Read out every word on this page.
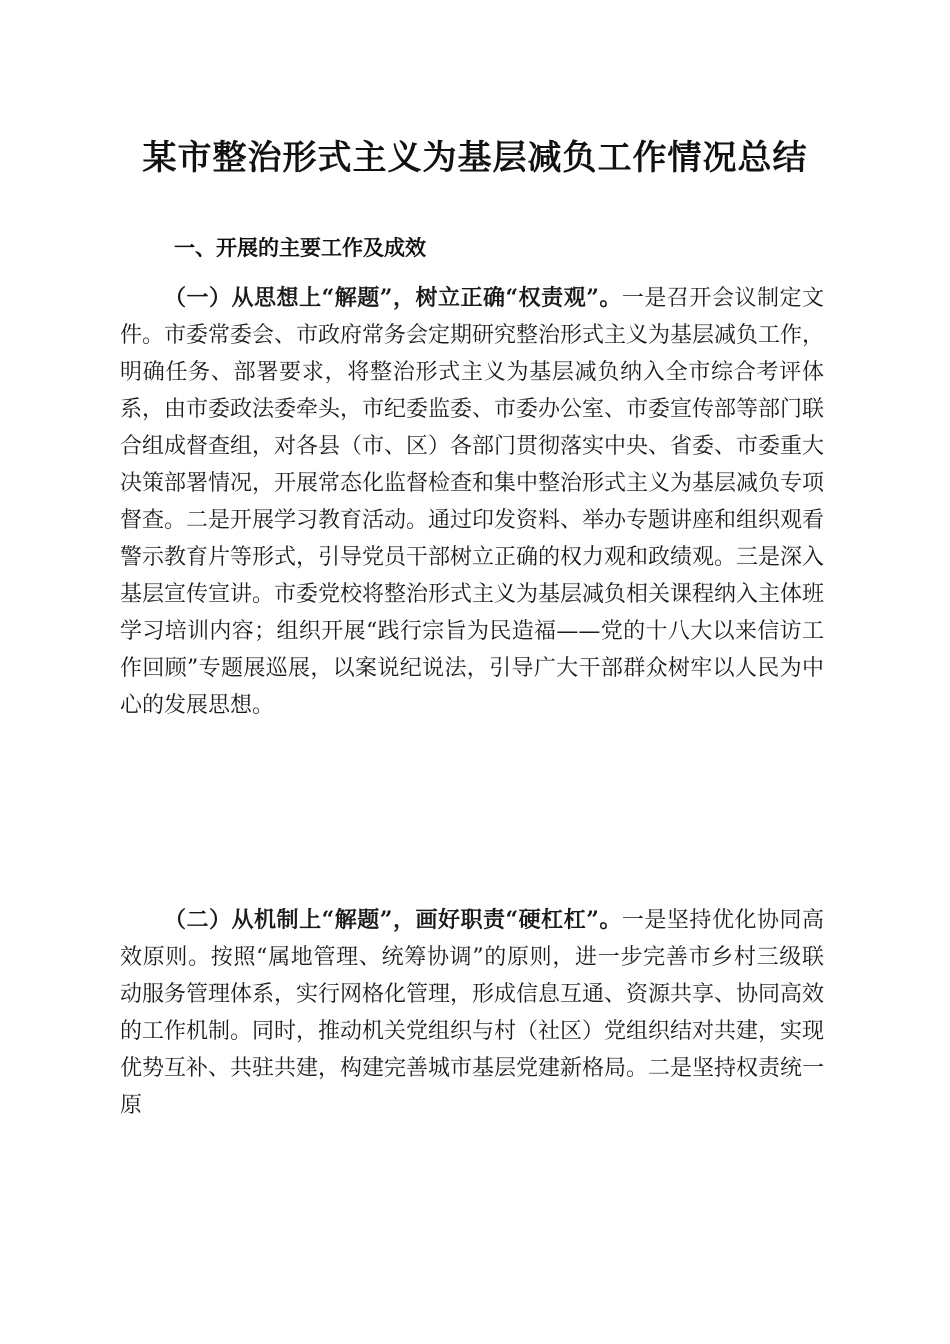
某市整治形式主义为基层减负工作情况总结
一、开展的主要工作及成效

（一）从思想上“解题”，树立正确“权责观”。一是召开会议制定文件。市委常委会、市政府常务会定期研究整治形式主义为基层减负工作，明确任务、部署要求，将整治形式主义为基层减负纳入全市综合考评体系，由市委政法委牵头，市纪委监委、市委办公室、市委宣传部等部门联合组成督查组，对各县（市、区）各部门贯彻落实中央、省委、市委重大决策部署情况，开展常态化监督检查和集中整治形式主义为基层减负专项督查。二是开展学习教育活动。通过印发资料、举办专题讲座和组织观看警示教育片等形式，引导党员干部树立正确的权力观和政绩观。三是深入基层宣传宣讲。市委党校将整治形式主义为基层减负相关课程纳入主体班学习培训内容；组织开展“践行宗旨为民造福——党的十八大以来信访工作回顾”专题展巡展，以案说纪说法，引导广大干部群众树牢以人民为中心的发展思想。

（二）从机制上“解题”，画好职责“硬杠杠”。一是坚持优化协同高效原则。按照“属地管理、统筹协调”的原则，进一步完善市乡村三级联动服务管理体系，实行网格化管理，形成信息互通、资源共享、协同高效的工作机制。同时，推动机关党组织与村（社区）党组织结对共建，实现优势互补、共驻共建，构建完善城市基层党建新格局。二是坚持权责统一原
